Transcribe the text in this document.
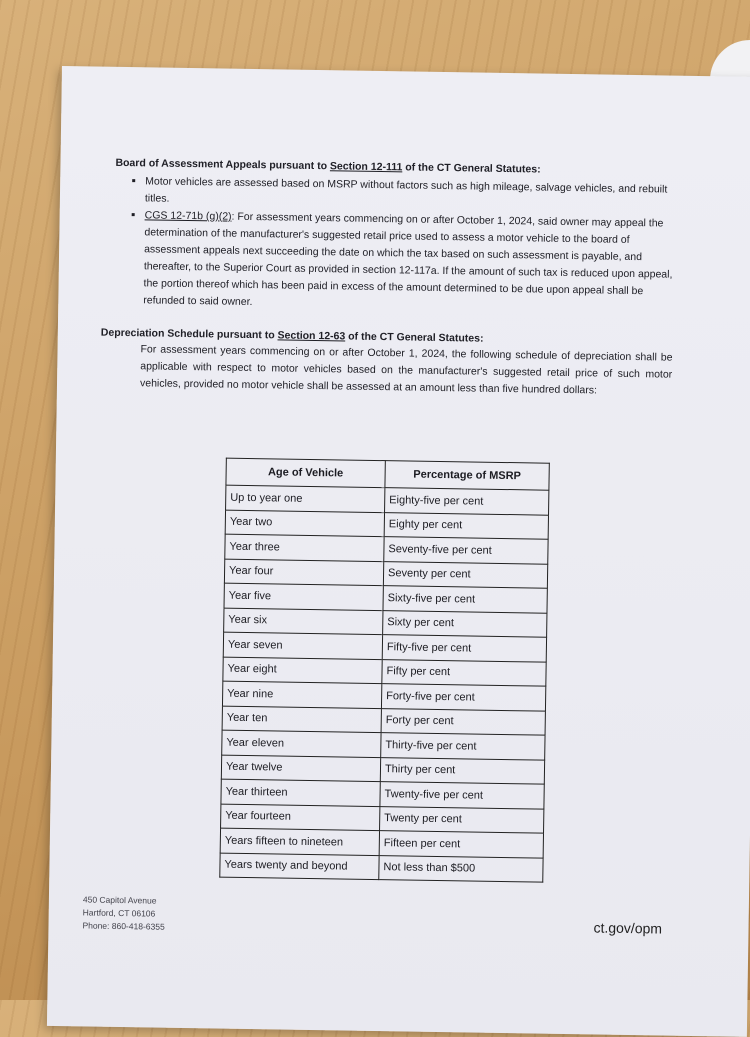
Board of Assessment Appeals pursuant to Section 12-111 of the CT General Statutes:

▪ Motor vehicles are assessed based on MSRP without factors such as high mileage, salvage vehicles, and rebuilt titles.
▪ CGS 12-71b (g)(2): For assessment years commencing on or after October 1, 2024, said owner may appeal the determination of the manufacturer's suggested retail price used to assess a motor vehicle to the board of assessment appeals next succeeding the date on which the tax based on such assessment is payable, and thereafter, to the Superior Court as provided in section 12-117a. If the amount of such tax is reduced upon appeal, the portion thereof which has been paid in excess of the amount determined to be due upon appeal shall be refunded to said owner.

Depreciation Schedule pursuant to Section 12-63 of the CT General Statutes:

For assessment years commencing on or after October 1, 2024, the following schedule of depreciation shall be applicable with respect to motor vehicles based on the manufacturer's suggested retail price of such motor vehicles, provided no motor vehicle shall be assessed at an amount less than five hundred dollars:

Age of Vehicle	Percentage of MSRP
Up to year one	Eighty-five per cent
Year two	Eighty per cent
Year three	Seventy-five per cent
Year four	Seventy per cent
Year five	Sixty-five per cent
Year six	Sixty per cent
Year seven	Fifty-five per cent
Year eight	Fifty per cent
Year nine	Forty-five per cent
Year ten	Forty per cent
Year eleven	Thirty-five per cent
Year twelve	Thirty per cent
Year thirteen	Twenty-five per cent
Year fourteen	Twenty per cent
Years fifteen to nineteen	Fifteen per cent
Years twenty and beyond	Not less than $500
450 Capitol Avenue
Hartford, CT 06106
Phone: 860-418-6355	ct.gov/opm
